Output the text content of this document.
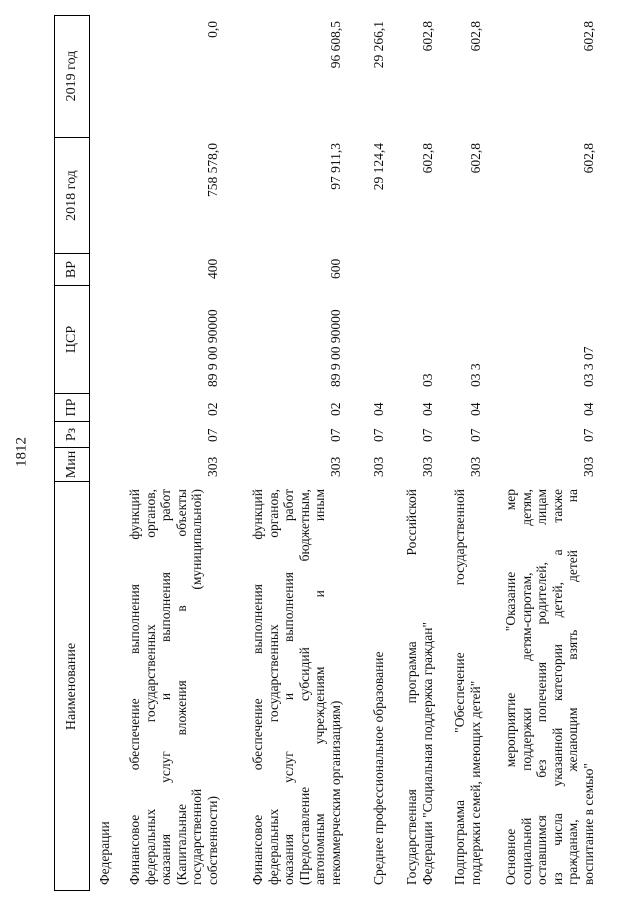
1812
Наименование
Мин
Рз
ПР
ЦСР
ВР
2018 год
2019 год
Федерации Финансовое обеспечение выполнения функций федеральных государственных органов, оказания услуг и выполнения работ (Капитальные вложения в объекты государственной (муниципальной) собственности)
303
07
02
89 9 00 90000
400
758 578,0
0,0
Финансовое обеспечение выполнения функций федеральных государственных органов, оказания услуг и выполнения работ (Предоставление субсидий бюджетным, автономным учреждениям и иным некоммерческим организациям)
303
07
02
89 9 00 90000
600
97 911,3
96 608,5
Среднее профессиональное образование
303
07
04
29 124,4
29 266,1
Государственная программа Российской Федерации "Социальная поддержка граждан"
303
07
04
03
602,8
602,8
Подпрограмма "Обеспечение государственной поддержки семей, имеющих детей"
303
07
04
03 3
602,8
602,8
Основное мероприятие "Оказание мер социальной поддержки детям-сиротам, детям, оставшимся без попечения родителей, лицам из числа указанной категории детей, а также гражданам, желающим взять детей на воспитание в семью"
303
07
04
03 3 07
602,8
602,8
